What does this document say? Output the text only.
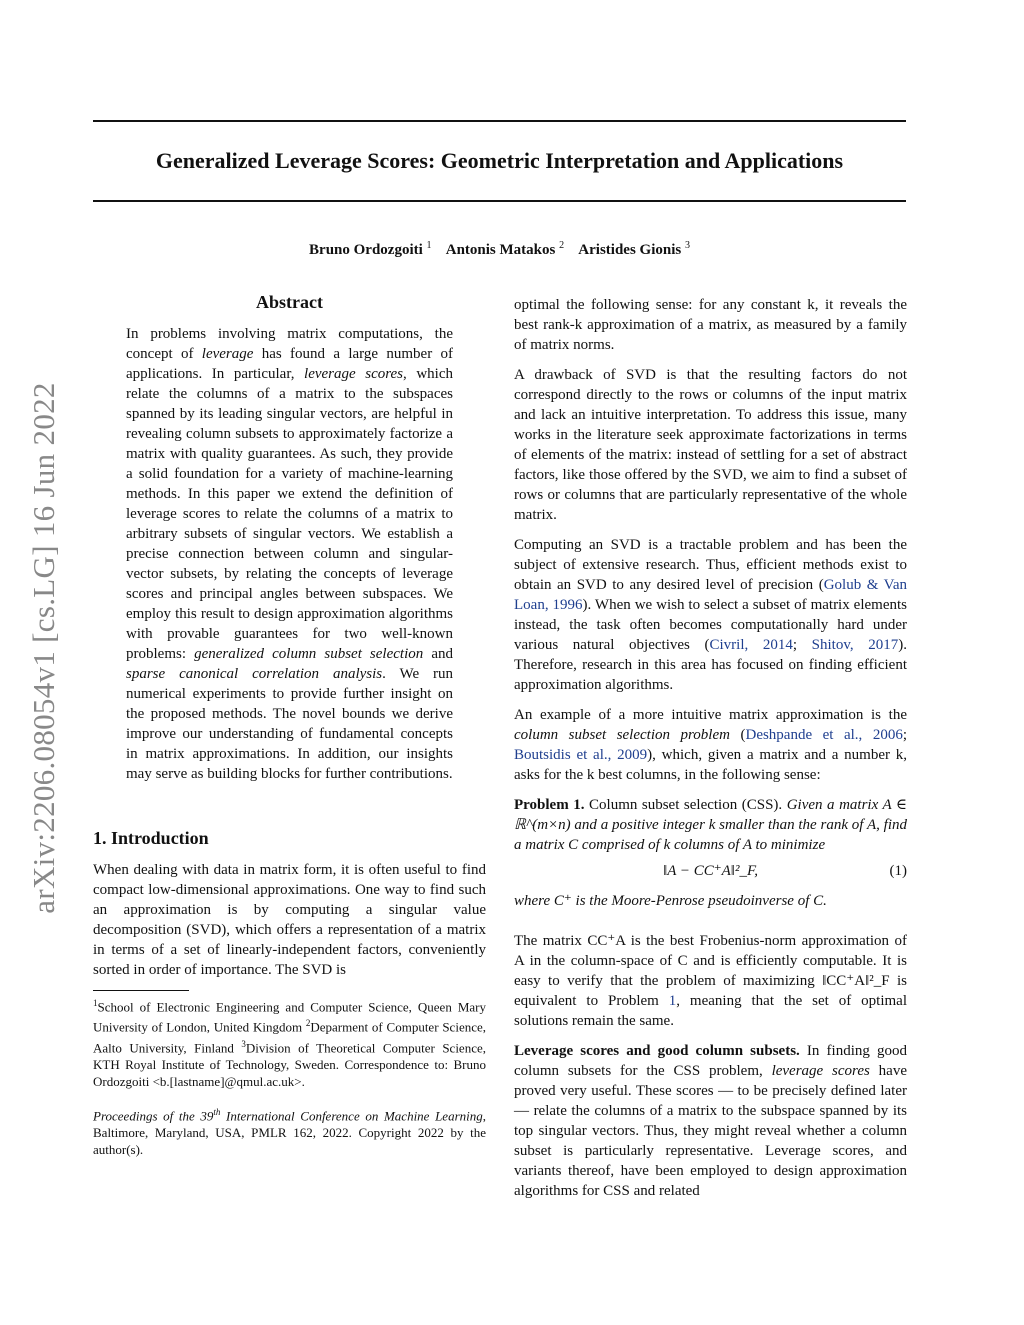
Generalized Leverage Scores: Geometric Interpretation and Applications
Bruno Ordozgoiti $^1$ Antonis Matakos $^2$ Aristides Gionis $^3$
arXiv:2206.08054v1 [cs.LG] 16 Jun 2022
Abstract
In problems involving matrix computations, the concept of leverage has found a large number of applications. In particular, leverage scores, which relate the columns of a matrix to the subspaces spanned by its leading singular vectors, are helpful in revealing column subsets to approximately factorize a matrix with quality guarantees. As such, they provide a solid foundation for a variety of machine-learning methods. In this paper we extend the definition of leverage scores to relate the columns of a matrix to arbitrary subsets of singular vectors. We establish a precise connection between column and singular-vector subsets, by relating the concepts of leverage scores and principal angles between subspaces. We employ this result to design approximation algorithms with provable guarantees for two well-known problems: generalized column subset selection and sparse canonical correlation analysis. We run numerical experiments to provide further insight on the proposed methods. The novel bounds we derive improve our understanding of fundamental concepts in matrix approximations. In addition, our insights may serve as building blocks for further contributions.
1. Introduction
When dealing with data in matrix form, it is often useful to find compact low-dimensional approximations. One way to find such an approximation is by computing a singular value decomposition (SVD), which offers a representation of a matrix in terms of a set of linearly-independent factors, conveniently sorted in order of importance. The SVD is
$^1$School of Electronic Engineering and Computer Science, Queen Mary University of London, United Kingdom $^2$Deparment of Computer Science, Aalto University, Finland $^3$Division of Theoretical Computer Science, KTH Royal Institute of Technology, Sweden. Correspondence to: Bruno Ordozgoiti <b.[lastname]@qmul.ac.uk>.
Proceedings of the 39th International Conference on Machine Learning, Baltimore, Maryland, USA, PMLR 162, 2022. Copyright 2022 by the author(s).
optimal the following sense: for any constant k, it reveals the best rank-k approximation of a matrix, as measured by a family of matrix norms.
A drawback of SVD is that the resulting factors do not correspond directly to the rows or columns of the input matrix and lack an intuitive interpretation. To address this issue, many works in the literature seek approximate factorizations in terms of elements of the matrix: instead of settling for a set of abstract factors, like those offered by the SVD, we aim to find a subset of rows or columns that are particularly representative of the whole matrix.
Computing an SVD is a tractable problem and has been the subject of extensive research. Thus, efficient methods exist to obtain an SVD to any desired level of precision (Golub & Van Loan, 1996). When we wish to select a subset of matrix elements instead, the task often becomes computationally hard under various natural objectives (Civril, 2014; Shitov, 2017). Therefore, research in this area has focused on finding efficient approximation algorithms.
An example of a more intuitive matrix approximation is the column subset selection problem (Deshpande et al., 2006; Boutsidis et al., 2009), which, given a matrix and a number k, asks for the k best columns, in the following sense:
Problem 1. Column subset selection (CSS). Given a matrix A ∈ ℝ^(m×n) and a positive integer k smaller than the rank of A, find a matrix C comprised of k columns of A to minimize
‖A − CC⁺A‖²_F,	(1)
where C⁺ is the Moore-Penrose pseudoinverse of C.
The matrix CC⁺A is the best Frobenius-norm approximation of A in the column-space of C and is efficiently computable. It is easy to verify that the problem of maximizing ‖CC⁺A‖²_F is equivalent to Problem 1, meaning that the set of optimal solutions remain the same.
Leverage scores and good column subsets. In finding good column subsets for the CSS problem, leverage scores have proved very useful. These scores — to be precisely defined later — relate the columns of a matrix to the subspace spanned by its top singular vectors. Thus, they might reveal whether a column subset is particularly representative. Leverage scores, and variants thereof, have been employed to design approximation algorithms for CSS and related
